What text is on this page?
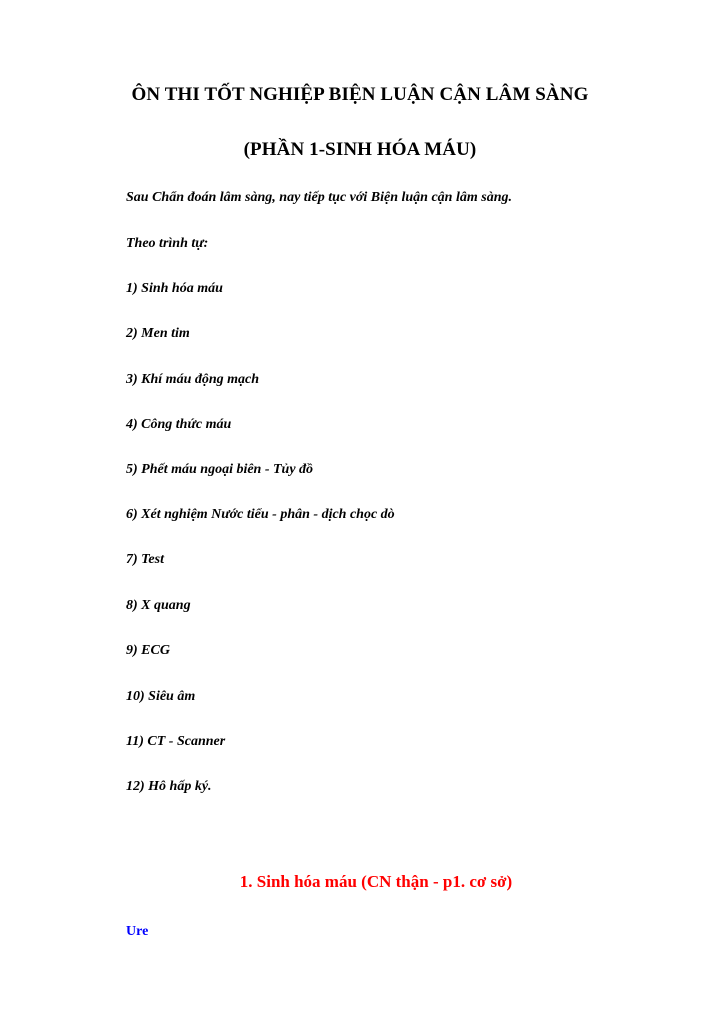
ÔN THI TỐT NGHIỆP BIỆN LUẬN CẬN LÂM SÀNG
(PHẦN 1-SINH HÓA MÁU)
Sau Chẩn đoán lâm sàng, nay tiếp tục với Biện luận cận lâm sàng.
Theo trình tự:
1) Sinh hóa máu
2) Men tim
3) Khí máu động mạch
4) Công thức máu
5) Phết máu ngoại biên - Tủy đồ
6) Xét nghiệm Nước tiểu - phân - dịch chọc dò
7) Test
8) X quang
9) ECG
10) Siêu âm
11) CT - Scanner
12) Hô hấp ký.
1. Sinh hóa máu (CN thận - p1. cơ sở)
Ure
